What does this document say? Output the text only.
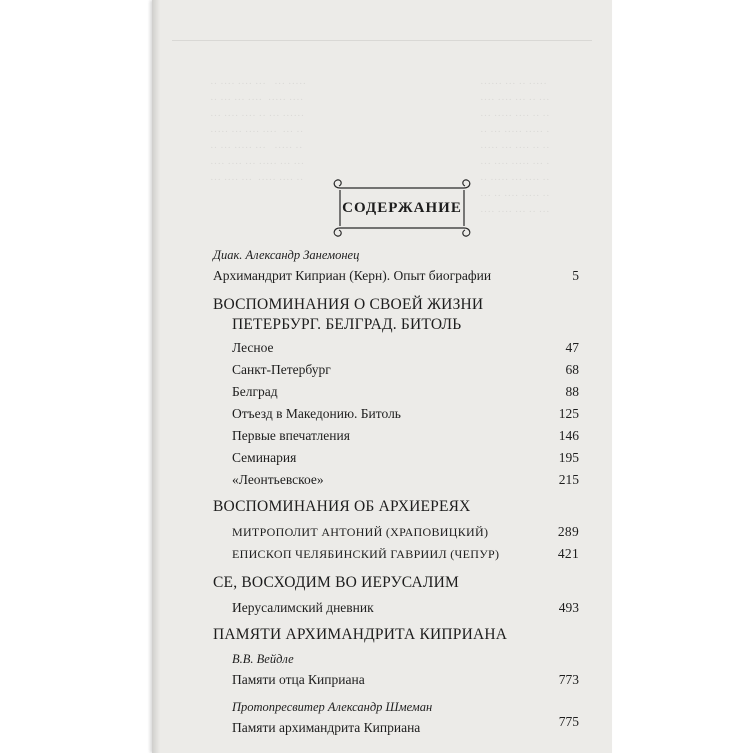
СОДЕРЖАНИЕ
Диак. Александр Занемонец
Архимандрит Киприан (Керн). Опыт биографии	5
ВОСПОМИНАНИЯ О СВОЕЙ ЖИЗНИ
ПЕТЕРБУРГ. БЕЛГРАД. БИТОЛЬ
Лесное	47
Санкт-Петербург	68
Белград	88
Отъезд в Македонию. Битоль	125
Первые впечатления	146
Семинария	195
«Леонтьевское»	215
ВОСПОМИНАНИЯ ОБ АРХИЕРЕЯХ
МИТРОПОЛИТ АНТОНИЙ (ХРАПОВИЦКИЙ)	289
ЕПИСКОП ЧЕЛЯБИНСКИЙ ГАВРИИЛ (ЧЕПУР)	421
СЕ, ВОСХОДИМ ВО ИЕРУСАЛИМ
Иерусалимский дневник	493
ПАМЯТИ АРХИМАНДРИТА КИПРИАНА
В.В. Вейдле
Памяти отца Киприана	773
Протопресвитер Александр Шмеман
Памяти архимандрита Киприана	775
